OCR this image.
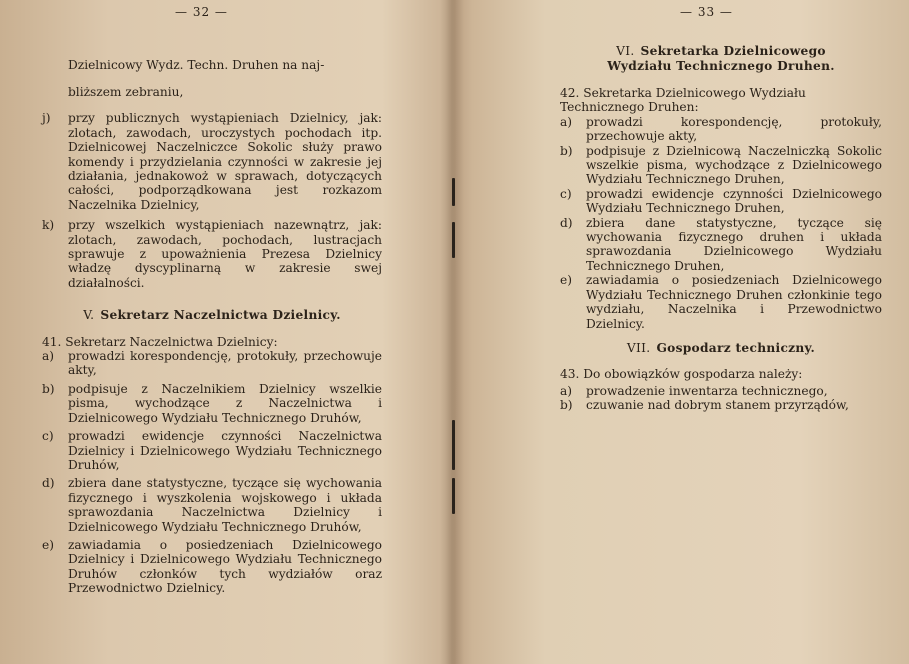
— 32 —

Dzielnicowy Wydz. Techn. Druhen na naj-

bliższem zebraniu,

j)	przy publicznych wystąpieniach Dzielnicy, jak: zlotach, zawodach, uroczystych pochodach itp. Dzielnicowej Naczelniczce Sokolic służy prawo komendy i przydzielania czynności w zakresie jej działania, jednakowoż w sprawach, dotyczących całości, podporządkowana jest rozkazom Naczelnika Dzielnicy,
k)	przy wszelkich wystąpieniach nazewnątrz, jak: zlotach, zawodach, pochodach, lustracjach sprawuje z upoważnienia Prezesa Dzielnicy władzę dyscyplinarną w zakresie swej działalności.
V. Sekretarz Naczelnictwa Dzielnicy.

41. Sekretarz Naczelnictwa Dzielnicy:

a)	prowadzi korespondencję, protokuły, przechowuje akty,
b)	podpisuje z Naczelnikiem Dzielnicy wszelkie pisma, wychodzące z Naczelnictwa i Dzielnicowego Wydziału Technicznego Druhów,
c)	prowadzi ewidencje czynności Naczelnictwa Dzielnicy i Dzielnicowego Wydziału Technicznego Druhów,
d)	zbiera dane statystyczne, tyczące się wychowania fizycznego i wyszkolenia wojskowego i układa sprawozdania Naczelnictwa Dzielnicy i Dzielnicowego Wydziału Technicznego Druhów,
e)	zawiadamia o posiedzeniach Dzielnicowego Dzielnicy i Dzielnicowego Wydziału Technicznego Druhów członków tych wydziałów oraz Przewodnictwo Dzielnicy.
— 33 —
VI. Sekretarka Dzielnicowego
Wydziału Technicznego Druhen.

42. Sekretarka Dzielnicowego Wydziału Technicznego Druhen:

a)	prowadzi korespondencję, protokuły, przechowuje akty,
b)	podpisuje z Dzielnicową Naczelniczką Sokolic wszelkie pisma, wychodzące z Dzielnicowego Wydziału Technicznego Druhen,
c)	prowadzi ewidencje czynności Dzielnicowego Wydziału Technicznego Druhen,
d)	zbiera dane statystyczne, tyczące się wychowania fizycznego druhen i układa sprawozdania Dzielnicowego Wydziału Technicznego Druhen,
e)	zawiadamia o posiedzeniach Dzielnicowego Wydziału Technicznego Druhen członkinie tego wydziału, Naczelnika i Przewodnictwo Dzielnicy.
VII. Gospodarz techniczny.

43. Do obowiązków gospodarza należy:

a)	prowadzenie inwentarza technicznego,
b)	czuwanie nad dobrym stanem przyrządów,
